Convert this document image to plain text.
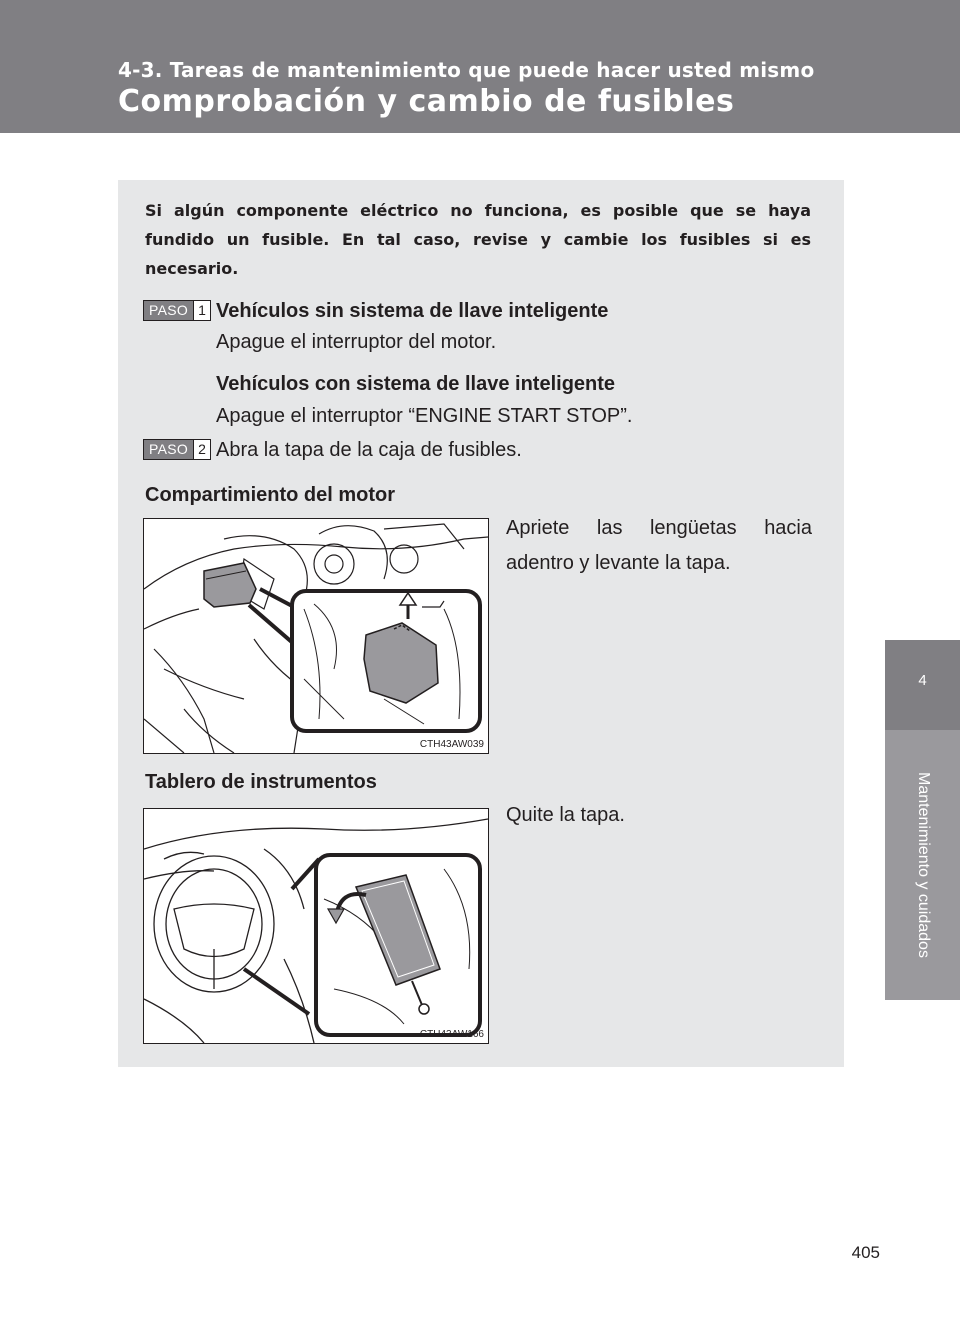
4-3. Tareas de mantenimiento que puede hacer usted mismo
Comprobación y cambio de fusibles
4
Mantenimiento y cuidados
Si algún componente eléctrico no funciona, es posible que se haya fundido un fusible. En tal caso, revise y cambie los fusibles si es necesario.
PASO 1 Vehículos sin sistema de llave inteligente
Apague el interruptor del motor.
Vehículos con sistema de llave inteligente
Apague el interruptor “ENGINE START STOP”.
PASO 2 Abra la tapa de la caja de fusibles.
Compartimiento del motor
Apriete las lengüetas hacia adentro y levante la tapa.
CTH43AW039
Tablero de instrumentos
Quite la tapa.
CTH43AW166
405
